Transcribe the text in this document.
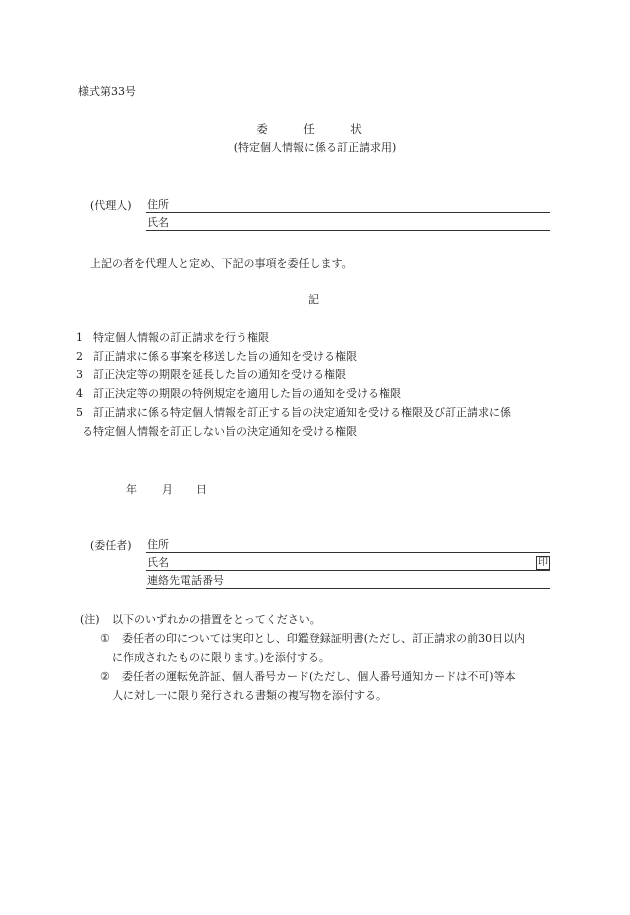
様式第33号
委　任　状
(特定個人情報に係る訂正請求用)
(代理人) 住所
氏名
上記の者を代理人と定め、下記の事項を委任します。
記
1 特定個人情報の訂正請求を行う権限
2 訂正請求に係る事案を移送した旨の通知を受ける権限
3 訂正決定等の期限を延長した旨の通知を受ける権限
4 訂正決定等の期限の特例規定を適用した旨の通知を受ける権限
5 訂正請求に係る特定個人情報を訂正する旨の決定通知を受ける権限及び訂正請求に係
る特定個人情報を訂正しない旨の決定通知を受ける権限
年 月 日
(委任者) 住所
氏名	印
連絡先電話番号
(注) 以下のいずれかの措置をとってください。
① 委任者の印については実印とし、印鑑登録証明書(ただし、訂正請求の前30日以内
に作成されたものに限ります。)を添付する。
② 委任者の運転免許証、個人番号カード(ただし、個人番号通知カードは不可)等本
人に対し一に限り発行される書類の複写物を添付する。
